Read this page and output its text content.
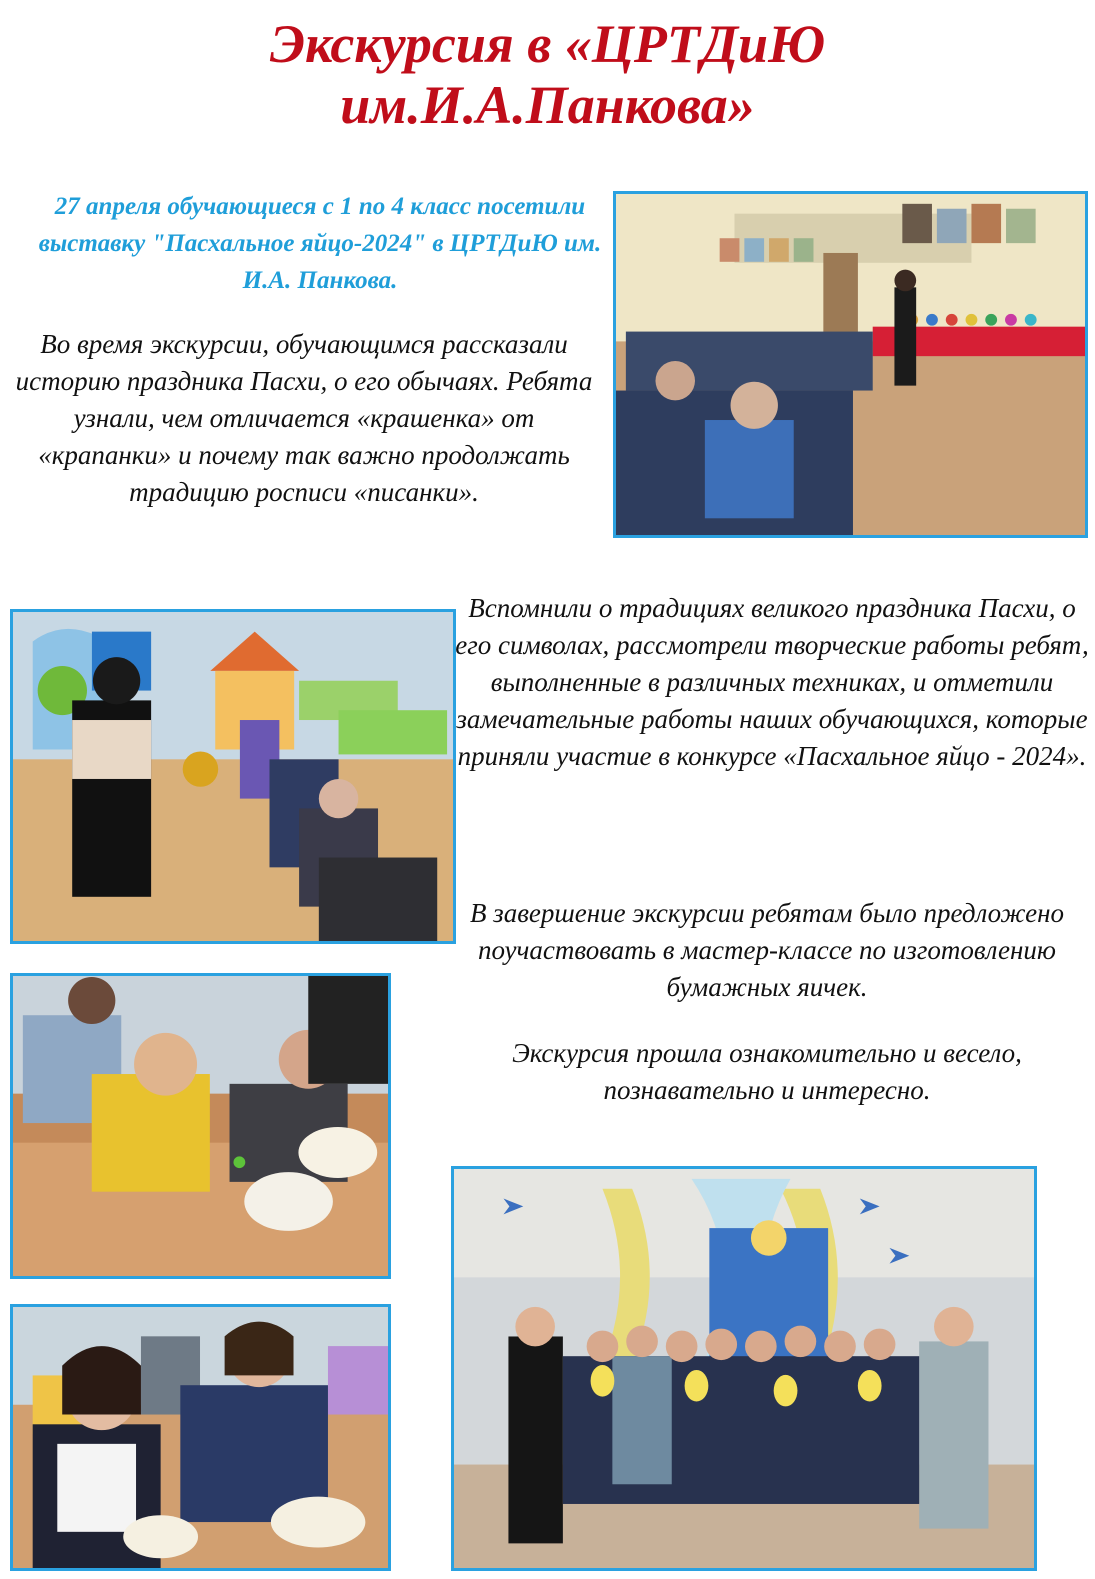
Экскурсия в «ЦРТДиЮ
им.И.А.Панкова»
27 апреля обучающиеся с 1 по 4 класс посетили выставку "Пасхальное яйцо-2024" в ЦРТДиЮ им. И.А. Панкова.
Во время экскурсии, обучающимся рассказали историю праздника Пасхи, о его обычаях. Ребята узнали, чем отличается «крашенка» от «крапанки» и почему так важно продолжать традицию росписи «писанки».
Вспомнили о традициях великого праздника Пасхи, о его символах, рассмотрели творческие работы ребят, выполненные в различных техниках, и отметили замечательные работы наших обучающихся, которые приняли участие в конкурсе «Пасхальное яйцо - 2024».
В завершение экскурсии ребятам было предложено поучаствовать в мастер-классе по изготовлению бумажных яичек.
Экскурсия прошла ознакомительно и весело, познавательно и интересно.
